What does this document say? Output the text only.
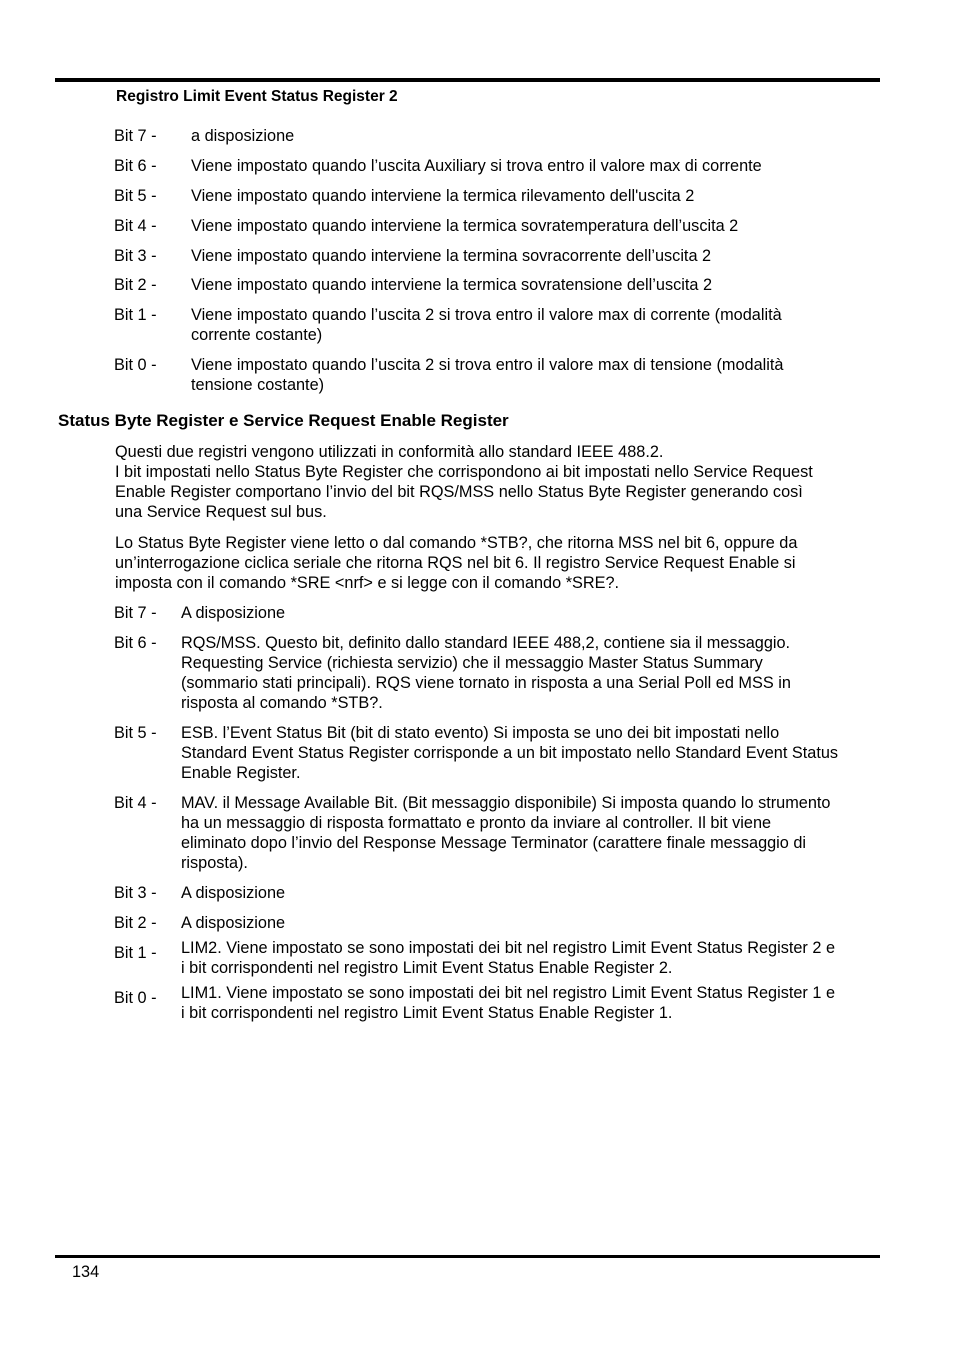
Registro Limit Event Status Register 2
Bit 7 - a disposizione
Bit 6 - Viene impostato quando l’uscita Auxiliary si trova entro il valore max di corrente
Bit 5 - Viene impostato quando interviene la termica rilevamento dell'uscita 2
Bit 4 - Viene impostato quando interviene la termica sovratemperatura dell’uscita 2
Bit 3 - Viene impostato quando interviene la termina sovracorrente dell’uscita 2
Bit 2 - Viene impostato quando interviene la termica sovratensione dell’uscita 2
Bit 1 - Viene impostato quando l’uscita 2 si trova entro il valore max di corrente (modalità
corrente costante)
Bit 0 - Viene impostato quando l’uscita 2 si trova entro il valore max di tensione (modalità
tensione costante)
Status Byte Register e Service Request Enable Register
Questi due registri vengono utilizzati in conformità allo standard IEEE 488.2.
I bit impostati nello Status Byte Register che corrispondono ai bit impostati nello Service Request
Enable Register comportano l’invio del bit RQS/MSS nello Status Byte Register generando così
una Service Request sul bus.
Lo Status Byte Register viene letto o dal comando *STB?, che ritorna MSS nel bit 6, oppure da
un’interrogazione ciclica seriale che ritorna RQS nel bit 6. Il registro Service Request Enable si
imposta con il comando *SRE <nrf> e si legge con il comando *SRE?.
Bit 7 - A disposizione
Bit 6 - RQS/MSS. Questo bit, definito dallo standard IEEE 488,2, contiene sia il messaggio.
Requesting Service (richiesta servizio) che il messaggio Master Status Summary
(sommario stati principali). RQS viene tornato in risposta a una Serial Poll ed MSS in
risposta al comando *STB?.
Bit 5 - ESB. l’Event Status Bit (bit di stato evento) Si imposta se uno dei bit impostati nello
Standard Event Status Register corrisponde a un bit impostato nello Standard Event Status
Enable Register.
Bit 4 - MAV. il Message Available Bit. (Bit messaggio disponibile) Si imposta quando lo strumento
ha un messaggio di risposta formattato e pronto da inviare al controller. Il bit viene
eliminato dopo l’invio del Response Message Terminator (carattere finale messaggio di
risposta).
Bit 3 - A disposizione
Bit 2 - A disposizione
Bit 1 - LIM2. Viene impostato se sono impostati dei bit nel registro Limit Event Status Register 2 e
i bit corrispondenti nel registro Limit Event Status Enable Register 2.
Bit 0 - LIM1. Viene impostato se sono impostati dei bit nel registro Limit Event Status Register 1 e
i bit corrispondenti nel registro Limit Event Status Enable Register 1.
134
